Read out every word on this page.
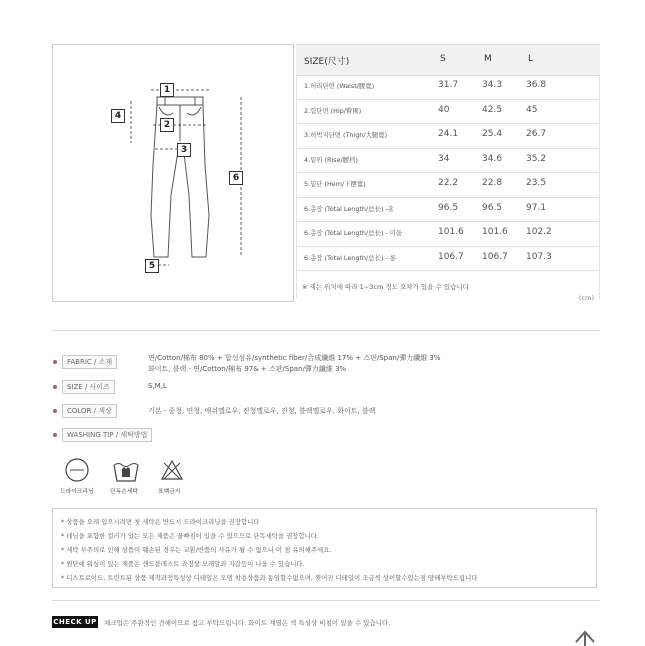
1
2
3
4
5
6
SIZE(尺寸)	S	M	L
1.허리단면 (Waist/腰寬)	31.7	34.3	36.8
2.힙단면 (Hip/臀围)	40	42.5	45
3.허벅지단면 (Thigh/大腿寬)	24.1	25.4	26.7
4.밑위 (Rise/腰档)	34	34.6	35.2
5.밑단 (Hem/下摆寬)	22.2	22.8	23.5
6.총장 (Total Length/总长) -숏	96.5	96.5	97.1
6.총장 (Total Length/总长) - 미듐	101.6 101.6 102.2
6.총장 (Total Length/总长) - 롱	106.7 106.7 107.3
※ 재는 위치에 따라 1~3cm 정도 오차가 있을 수 있습니다
(cm)
FABRIC / 소재	면/Cotton/棉布 80% + 합성섬유/synthetic fiber/合成纖維 17% + 스판/Span/彈力纖維 3%
화이트, 블랙 - 면/Cotton/棉布 97& + 스판/Span/彈力纖維 3%
SIZE / 사이즈	S,M,L
COLOR / 색상	기본 - 중청, 연청, 애쉬옐로우, 진청옐로우, 진청, 블랙옐로우, 화이트, 블랙
WASHING TIP / 세탁방법
드라이크리닝	단독손세탁	표백금지
* 상품을 오래 입으시려면 첫 세탁은 반드시 드라이크리닝을 권장합니다
* 데님을 포함한 컬러가 있는 모든 제품은 물빠짐이 있을 수 있으므로 단독세탁을 권장합니다.
* 세탁 부주의로 인해 상품이 훼손된 경우는 교환/반품의 사유가 될 수 없으니 이 점 유의해주세요.
* 원단에 워싱이 있는 제품은 샌드블래스트 과정상 모래알과 자갈등이 나올 수 있습니다.
* 디스트로이드, 트린트된 상품 제작과정특성상 디테일은 모델 착용상품과 동일할수없으며, 찢어진 디테일이 조금씩 상이할수있는점 양해부탁드립니다
CHECK UP 체크업은 주관적인 견해이므로 참고 부탁드립니다. 화이트 계열은 색 특성상 비침이 있을 수 있습니다.
